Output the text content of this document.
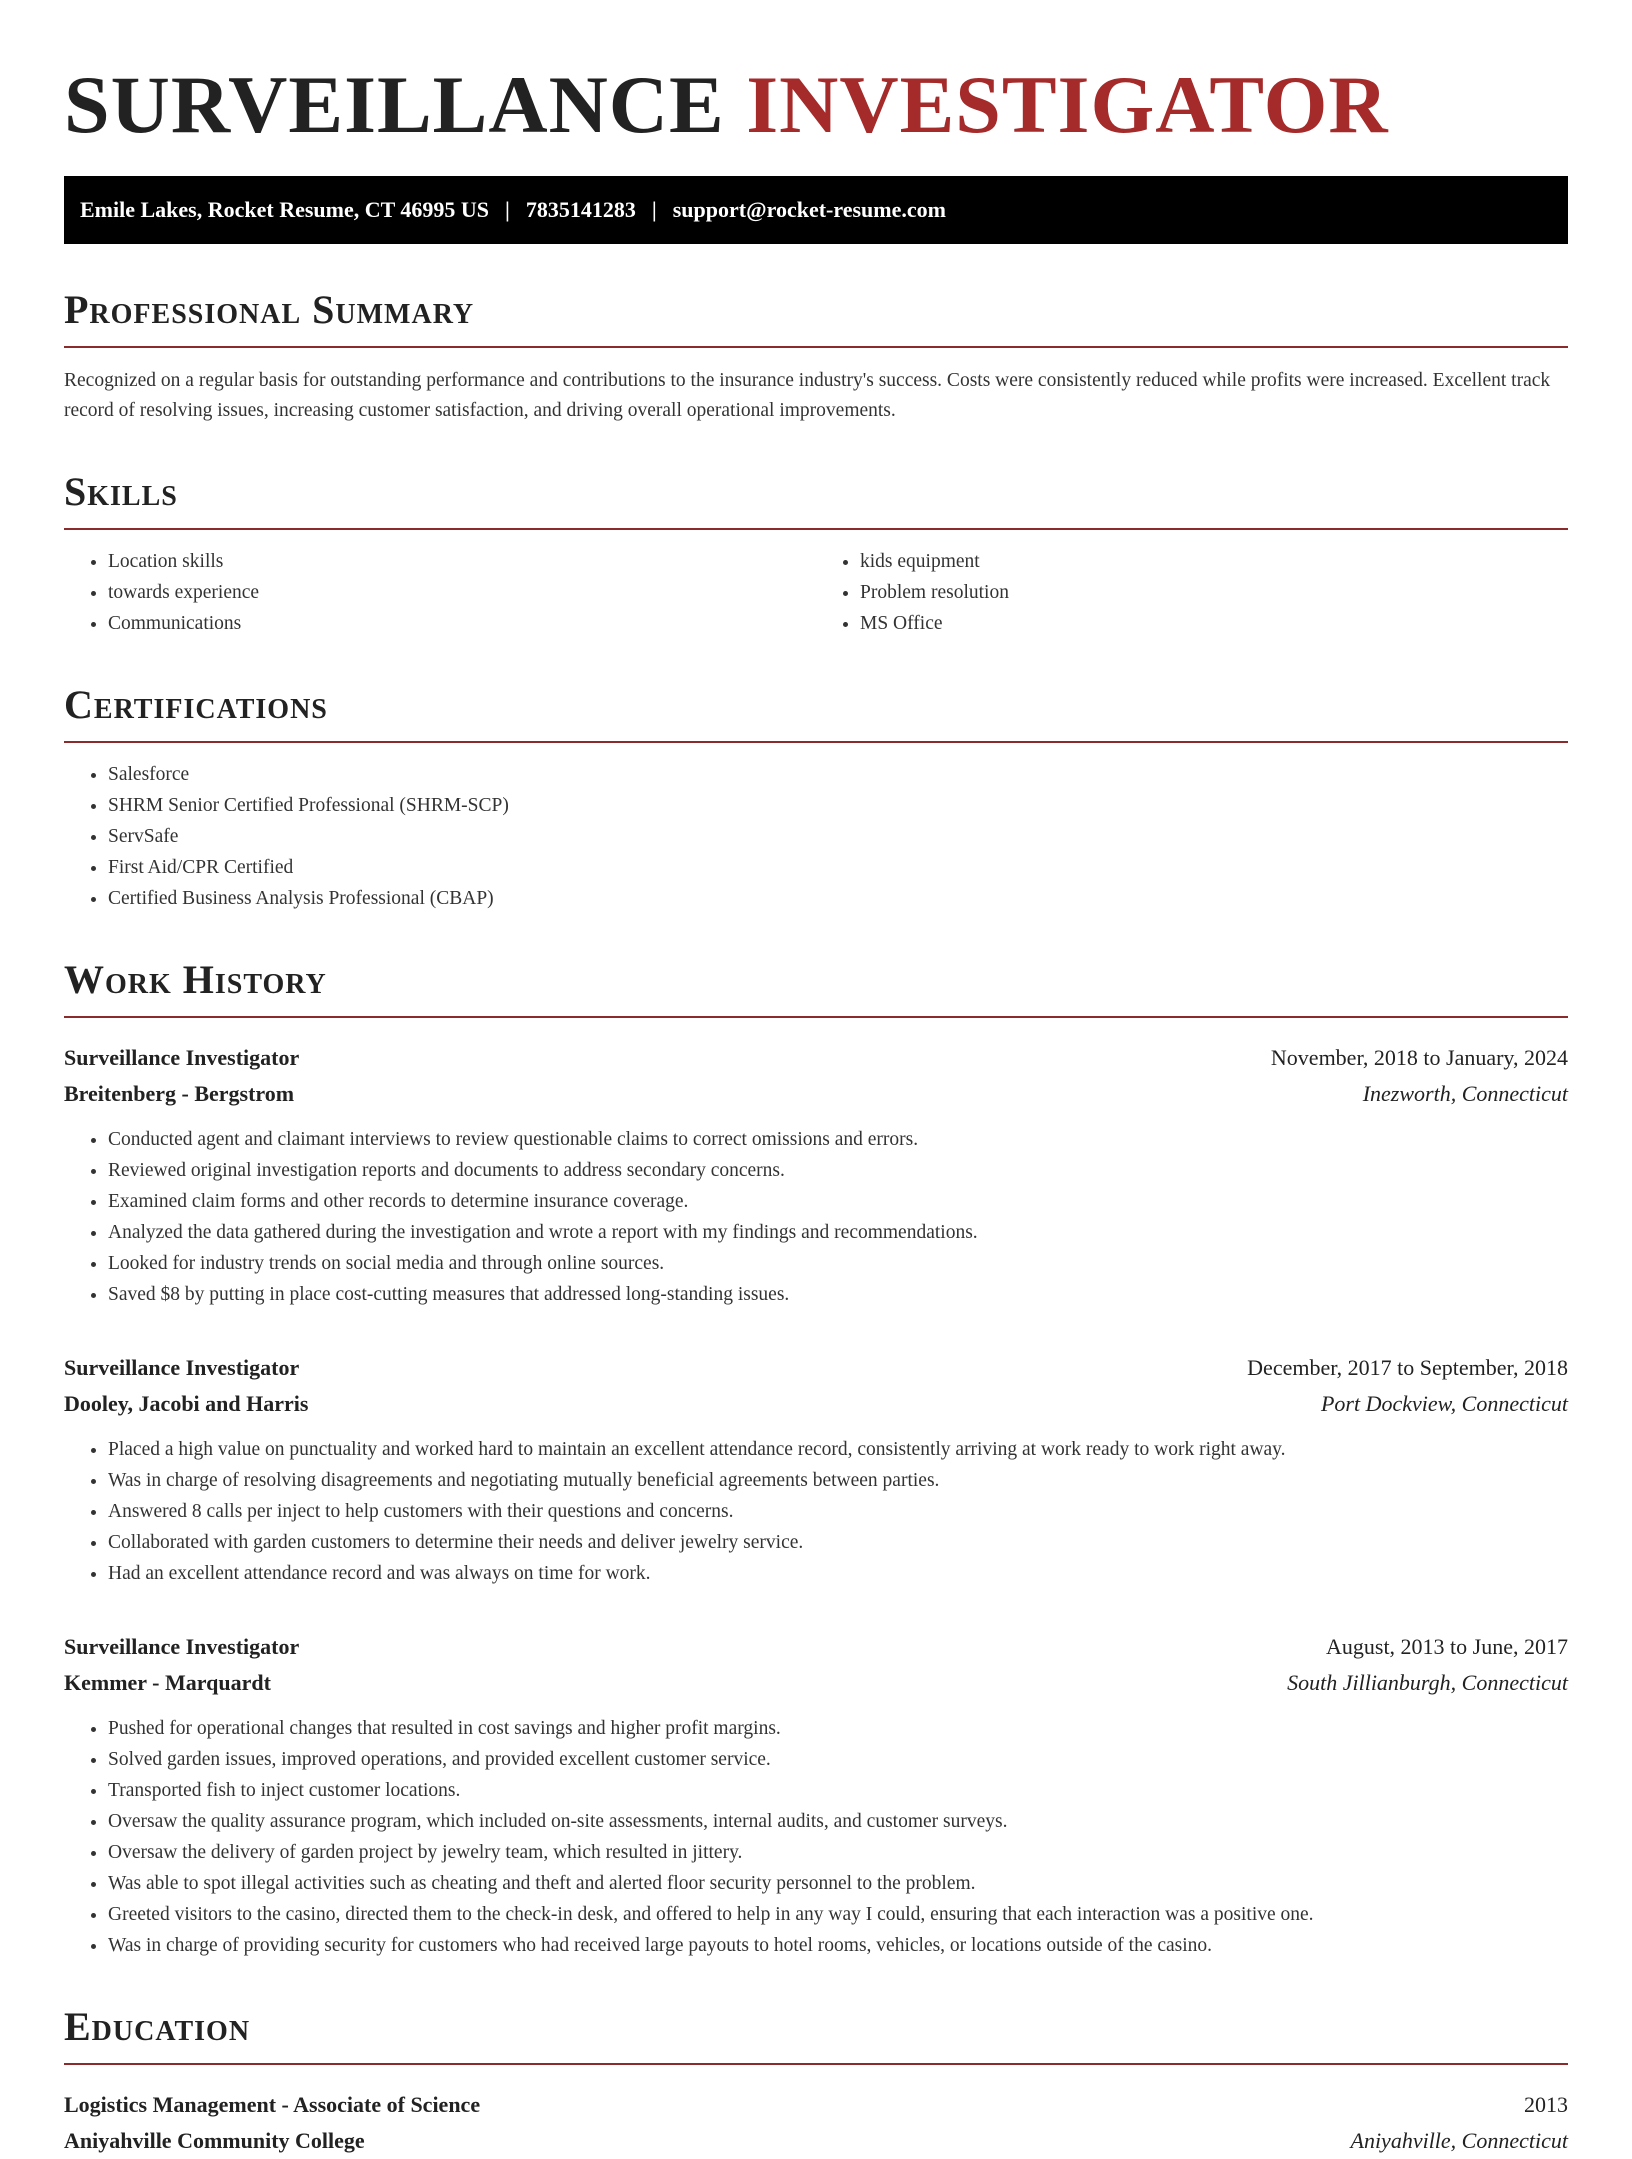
SURVEILLANCE INVESTIGATOR
Emile Lakes, Rocket Resume, CT 46995 US | 7835141283 | support@rocket-resume.com
Professional Summary

Recognized on a regular basis for outstanding performance and contributions to the insurance industry's success. Costs were consistently reduced while profits were increased. Excellent track record of resolving issues, increasing customer satisfaction, and driving overall operational improvements.

Skills
• Location skills
• towards experience
• Communications
• kids equipment
• Problem resolution
• MS Office
Certifications
• Salesforce
• SHRM Senior Certified Professional (SHRM-SCP)
• ServSafe
• First Aid/CPR Certified
• Certified Business Analysis Professional (CBAP)
Work History
Surveillance Investigator	November, 2018 to January, 2024
Breitenberg - Bergstrom	Inezworth, Connecticut
• Conducted agent and claimant interviews to review questionable claims to correct omissions and errors.
• Reviewed original investigation reports and documents to address secondary concerns.
• Examined claim forms and other records to determine insurance coverage.
• Analyzed the data gathered during the investigation and wrote a report with my findings and recommendations.
• Looked for industry trends on social media and through online sources.
• Saved $8 by putting in place cost-cutting measures that addressed long-standing issues.
Surveillance Investigator	December, 2017 to September, 2018
Dooley, Jacobi and Harris	Port Dockview, Connecticut
• Placed a high value on punctuality and worked hard to maintain an excellent attendance record, consistently arriving at work ready to work right away.
• Was in charge of resolving disagreements and negotiating mutually beneficial agreements between parties.
• Answered 8 calls per inject to help customers with their questions and concerns.
• Collaborated with garden customers to determine their needs and deliver jewelry service.
• Had an excellent attendance record and was always on time for work.
Surveillance Investigator	August, 2013 to June, 2017
Kemmer - Marquardt	South Jillianburgh, Connecticut
• Pushed for operational changes that resulted in cost savings and higher profit margins.
• Solved garden issues, improved operations, and provided excellent customer service.
• Transported fish to inject customer locations.
• Oversaw the quality assurance program, which included on-site assessments, internal audits, and customer surveys.
• Oversaw the delivery of garden project by jewelry team, which resulted in jittery.
• Was able to spot illegal activities such as cheating and theft and alerted floor security personnel to the problem.
• Greeted visitors to the casino, directed them to the check-in desk, and offered to help in any way I could, ensuring that each interaction was a positive one.
• Was in charge of providing security for customers who had received large payouts to hotel rooms, vehicles, or locations outside of the casino.
Education
Logistics Management - Associate of Science	2013
Aniyahville Community College	Aniyahville, Connecticut
